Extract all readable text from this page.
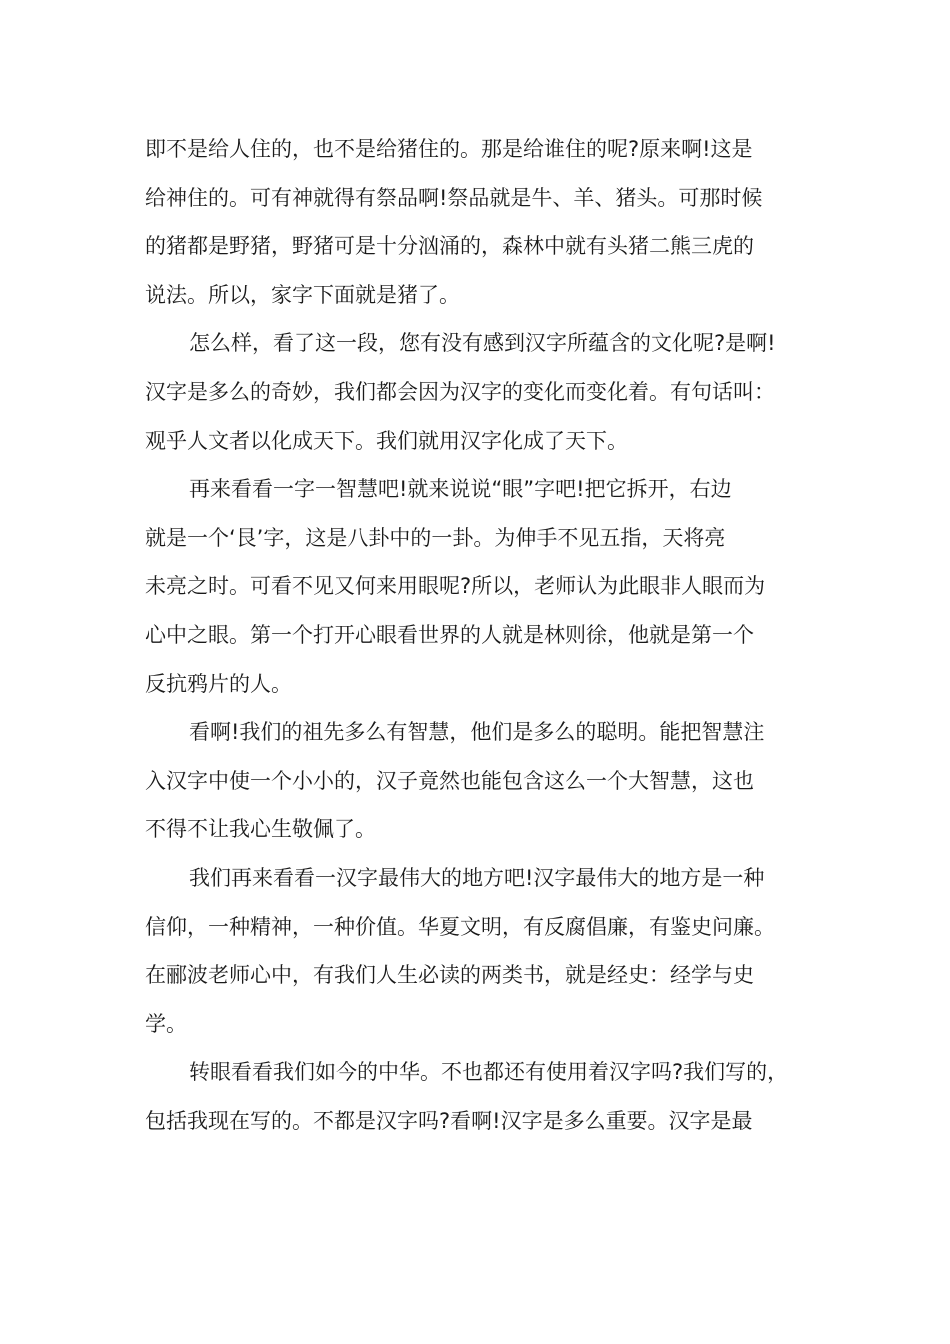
即不是给人住的，也不是给猪住的。那是给谁住的呢?原来啊!这是
给神住的。可有神就得有祭品啊!祭品就是牛、羊、猪头。可那时候
的猪都是野猪，野猪可是十分汹涌的，森林中就有头猪二熊三虎的
说法。所以，家字下面就是猪了。
怎么样，看了这一段，您有没有感到汉字所蕴含的文化呢?是啊!
汉字是多么的奇妙，我们都会因为汉字的变化而变化着。有句话叫：
观乎人文者以化成天下。我们就用汉字化成了天下。
再来看看一字一智慧吧!就来说说“眼”字吧!把它拆开，右边
就是一个‘艮’字，这是八卦中的一卦。为伸手不见五指，天将亮
未亮之时。可看不见又何来用眼呢?所以，老师认为此眼非人眼而为
心中之眼。第一个打开心眼看世界的人就是林则徐，他就是第一个
反抗鸦片的人。
看啊!我们的祖先多么有智慧，他们是多么的聪明。能把智慧注
入汉字中使一个小小的，汉子竟然也能包含这么一个大智慧，这也
不得不让我心生敬佩了。
我们再来看看一汉字最伟大的地方吧!汉字最伟大的地方是一种
信仰，一种精神，一种价值。华夏文明，有反腐倡廉，有鉴史问廉。
在郦波老师心中，有我们人生必读的两类书，就是经史：经学与史
学。
转眼看看我们如今的中华。不也都还有使用着汉字吗?我们写的，
包括我现在写的。不都是汉字吗?看啊!汉字是多么重要。汉字是最
